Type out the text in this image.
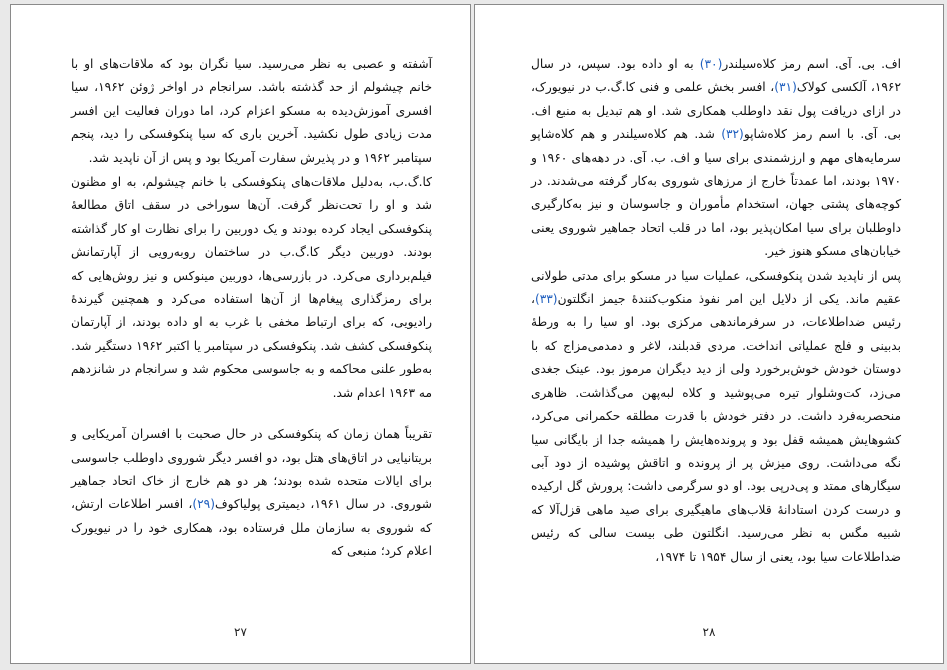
آشفته و عصبی به نظر می‌رسید. سیا نگران بود که ملاقات‌های او با خانم چیشولم از حد گذشته باشد. سرانجام در اواخر ژوئن ۱۹۶۲، سیا افسری آموزش‌دیده به مسکو اعزام کرد، اما دوران فعالیت این افسر مدت زیادی طول نکشید. آخرین باری که سیا پنکوفسکی را دید، پنجم سپتامبر ۱۹۶۲ و در پذیرش سفارت آمریکا بود و پس از آن ناپدید شد.

کا.گ.ب، به‌دلیل ملاقات‌های پنکوفسکی با خانم چیشولم، به او مظنون شد و او را تحت‌نظر گرفت. آن‌ها سوراخی در سقف اتاق مطالعهٔ پنکوفسکی ایجاد کرده بودند و یک دوربین را برای نظارت او کار گذاشته بودند. دوربین دیگر کا.گ.ب در ساختمان روبه‌رویی از آپارتمانش فیلم‌برداری می‌کرد. در بازرسی‌ها، دوربین مینوکس و نیز روش‌هایی که برای رمزگذاری پیغام‌ها از آن‌ها استفاده می‌کرد و همچنین گیرندهٔ رادیویی، که برای ارتباط مخفی با غرب به او داده بودند، از آپارتمان پنکوفسکی کشف شد. پنکوفسکی در سپتامبر یا اکتبر ۱۹۶۲ دستگیر شد. به‌طور علنی محاکمه و به جاسوسی محکوم شد و سرانجام در شانزدهم مه ۱۹۶۳ اعدام شد.

تقریباً همان زمان که پنکوفسکی در حال صحبت با افسران آمریکایی و بریتانیایی در اتاق‌های هتل بود، دو افسر دیگر شوروی داوطلب جاسوسی برای ایالات متحده شده بودند؛ هر دو هم خارج از خاک اتحاد جماهیر شوروی. در سال ۱۹۶۱، دیمیتری پولیاکوف(۲۹)، افسر اطلاعات ارتش، که شوروی به سازمان ملل فرستاده بود، همکاری خود را در نیویورک اعلام کرد؛ منبعی که

۲۷

اف. بی. آی. اسم رمز کلاه‌سیلندر(۳۰) به او داده بود. سپس، در سال ۱۹۶۲، آلکسی کولاک(۳۱)، افسر بخش علمی و فنی کا.گ.ب در نیویورک، در ازای دریافت پول نقد داوطلب همکاری شد. او هم تبدیل به منبع اف. بی. آی. با اسم رمز کلاه‌شاپو(۳۲) شد. هم کلاه‌سیلندر و هم کلاه‌شاپو سرمایه‌های مهم و ارزشمندی برای سیا و اف. ب. آی. در دهه‌های ۱۹۶۰ و ۱۹۷۰ بودند، اما عمدتاً خارج از مرزهای شوروی به‌کار گرفته می‌شدند. در کوچه‌های پشتی جهان، استخدام مأموران و جاسوسان و نیز به‌کارگیری داوطلبان برای سیا امکان‌پذیر بود، اما در قلب اتحاد جماهیر شوروی یعنی خیابان‌های مسکو هنوز خیر.

پس از ناپدید شدن پنکوفسکی، عملیات سیا در مسکو برای مدتی طولانی عقیم ماند. یکی از دلایل این امر نفوذ منکوب‌کنندهٔ جیمز انگلتون(۳۳)، رئیس ضداطلاعات، در سرفرماندهی مرکزی بود. او سیا را به ورطهٔ بدبینی و فلج عملیاتی انداخت. مردی قدبلند، لاغر و دمدمی‌مزاج که با دوستان خودش خوش‌برخورد ولی از دید دیگران مرموز بود. عینک جغدی می‌زد، کت‌وشلوار تیره می‌پوشید و کلاه لبه‌پهن می‌گذاشت. ظاهری منحصربه‌فرد داشت. در دفتر خودش با قدرت مطلقه حکمرانی می‌کرد، کشوهایش همیشه قفل بود و پرونده‌هایش را همیشه جدا از بایگانی سیا نگه می‌داشت. روی میزش پر از پرونده و اتاقش پوشیده از دود آبی سیگارهای ممتد و پی‌درپی بود. او دو سرگرمی داشت: پرورش گل ارکیده و درست کردن استادانهٔ قلاب‌های ماهیگیری برای صید ماهی قزل‌آلا که شبیه مگس به نظر می‌رسید. انگلتون طی بیست سالی که رئیس ضداطلاعات سیا بود، یعنی از سال ۱۹۵۴ تا ۱۹۷۴،

۲۸
